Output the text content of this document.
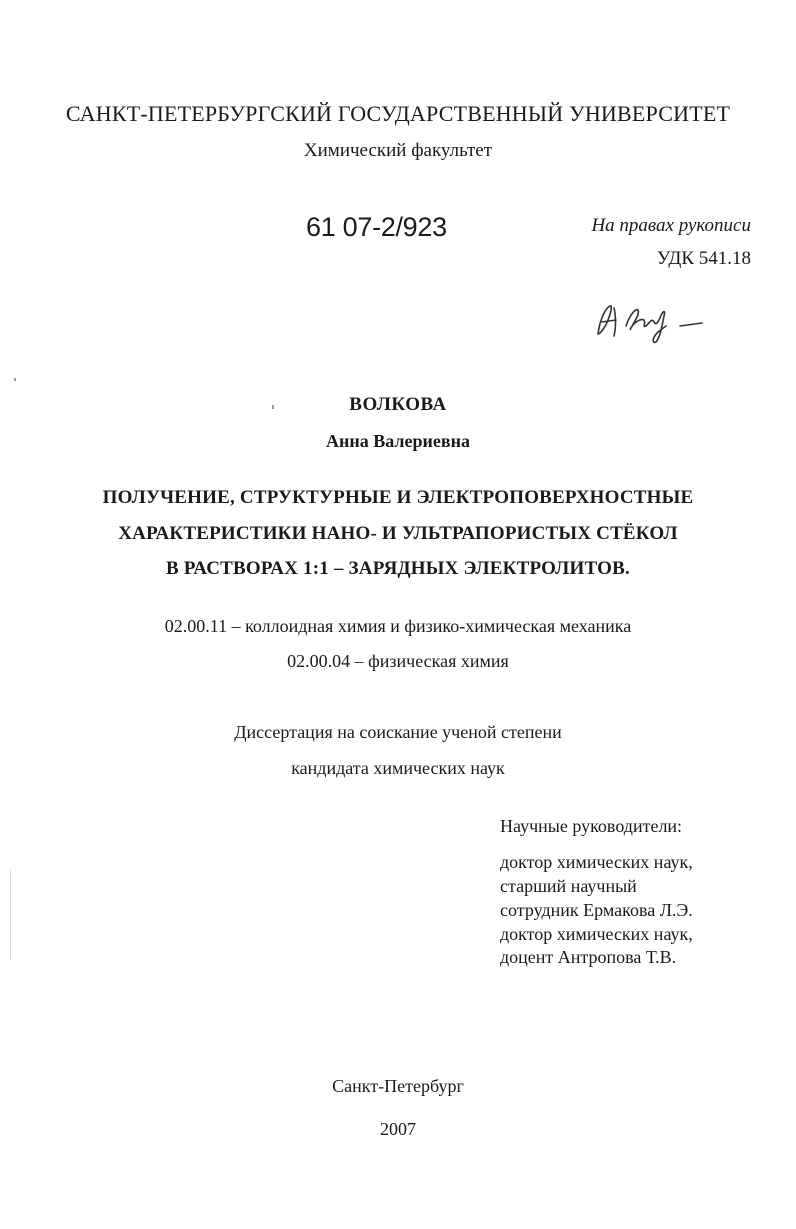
САНКТ-ПЕТЕРБУРГСКИЙ ГОСУДАРСТВЕННЫЙ УНИВЕРСИТЕТ
Химический факультет
61 07-2/923	На правах рукописи
УДК 541.18
ВОЛКОВА
Анна Валериевна
ПОЛУЧЕНИЕ, СТРУКТУРНЫЕ И ЭЛЕКТРОПОВЕРХНОСТНЫЕ
ХАРАКТЕРИСТИКИ НАНО- И УЛЬТРАПОРИСТЫХ СТЁКОЛ
В РАСТВОРАХ 1:1 – ЗАРЯДНЫХ ЭЛЕКТРОЛИТОВ.
02.00.11 – коллоидная химия и физико-химическая механика
02.00.04 – физическая химия
Диссертация на соискание ученой степени
кандидата химических наук
Научные руководители:
доктор химических наук,
старший научный
сотрудник Ермакова Л.Э.
доктор химических наук,
доцент Антропова Т.В.
Санкт-Петербург
2007
